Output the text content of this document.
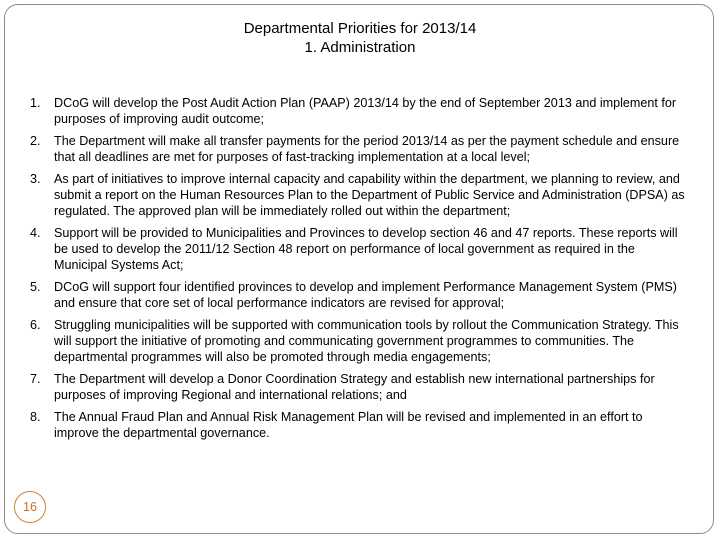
Departmental Priorities for 2013/14
1. Administration
1. DCoG will develop the Post Audit Action Plan (PAAP) 2013/14 by the end of September 2013 and implement for purposes of improving audit outcome;
2. The Department will make all transfer payments for the period 2013/14 as per the payment schedule and ensure that all deadlines are met for purposes of fast-tracking implementation at a local level;
3. As part of initiatives to improve internal capacity and capability within the department, we planning to review, and submit a report on the Human Resources Plan to the Department of Public Service and Administration (DPSA) as regulated. The approved plan will be immediately rolled out within the department;
4. Support will be provided to Municipalities and Provinces to develop section 46 and 47 reports. These reports will be used to develop the 2011/12 Section 48 report on performance of local government as required in the Municipal Systems Act;
5. DCoG will support four identified provinces to develop and implement Performance Management System (PMS) and ensure that core set of local performance indicators are revised for approval;
6. Struggling municipalities will be supported with communication tools by rollout the Communication Strategy. This will support the initiative of promoting and communicating government programmes to communities. The departmental programmes will also be promoted through media engagements;
7. The Department will develop a Donor Coordination Strategy and establish new international partnerships for purposes of improving Regional and international relations; and
8. The Annual Fraud Plan and Annual Risk Management Plan will be revised and implemented in an effort to improve the departmental governance.
16
